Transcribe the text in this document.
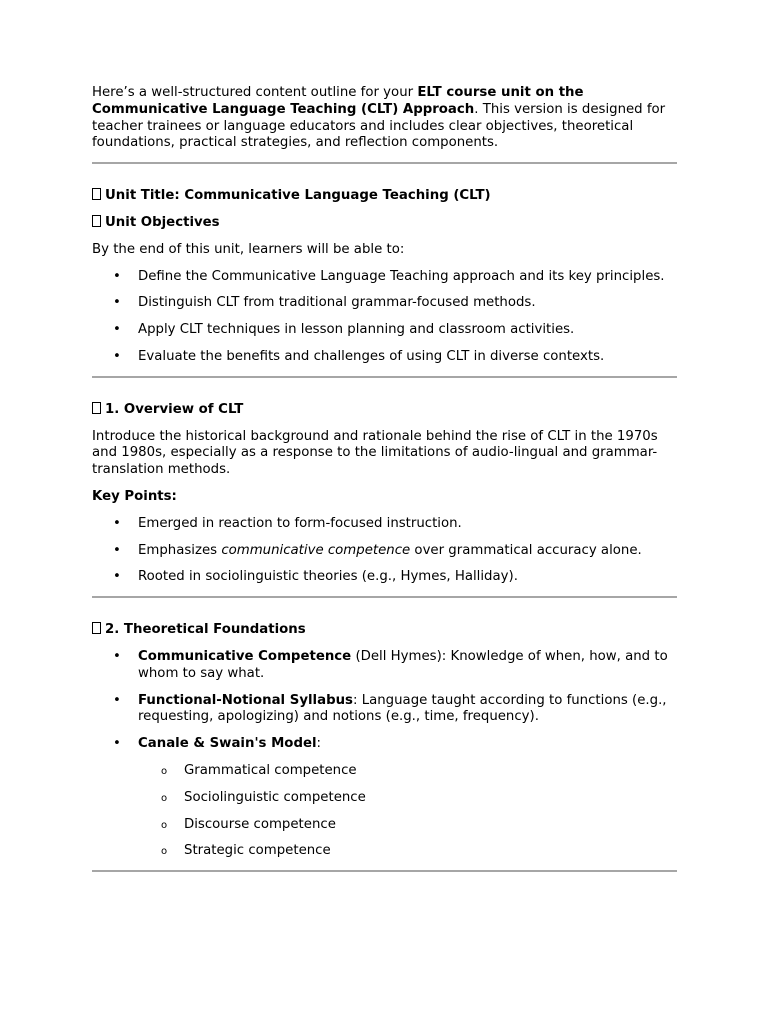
Here’s a well-structured content outline for your ELT course unit on the Communicative Language Teaching (CLT) Approach. This version is designed for teacher trainees or language educators and includes clear objectives, theoretical foundations, practical strategies, and reflection components.

Unit Title: Communicative Language Teaching (CLT)

Unit Objectives

By the end of this unit, learners will be able to:

• Define the Communicative Language Teaching approach and its key principles.
• Distinguish CLT from traditional grammar-focused methods.
• Apply CLT techniques in lesson planning and classroom activities.
• Evaluate the benefits and challenges of using CLT in diverse contexts.

1. Overview of CLT

Introduce the historical background and rationale behind the rise of CLT in the 1970s and 1980s, especially as a response to the limitations of audio-lingual and grammar-translation methods.

Key Points:

• Emerged in reaction to form-focused instruction.
• Emphasizes communicative competence over grammatical accuracy alone.
• Rooted in sociolinguistic theories (e.g., Hymes, Halliday).

2. Theoretical Foundations

• Communicative Competence (Dell Hymes): Knowledge of when, how, and to whom to say what.
• Functional-Notional Syllabus: Language taught according to functions (e.g., requesting, apologizing) and notions (e.g., time, frequency).
• Canale & Swain's Model:
o Grammatical competence
o Sociolinguistic competence
o Discourse competence
o Strategic competence
